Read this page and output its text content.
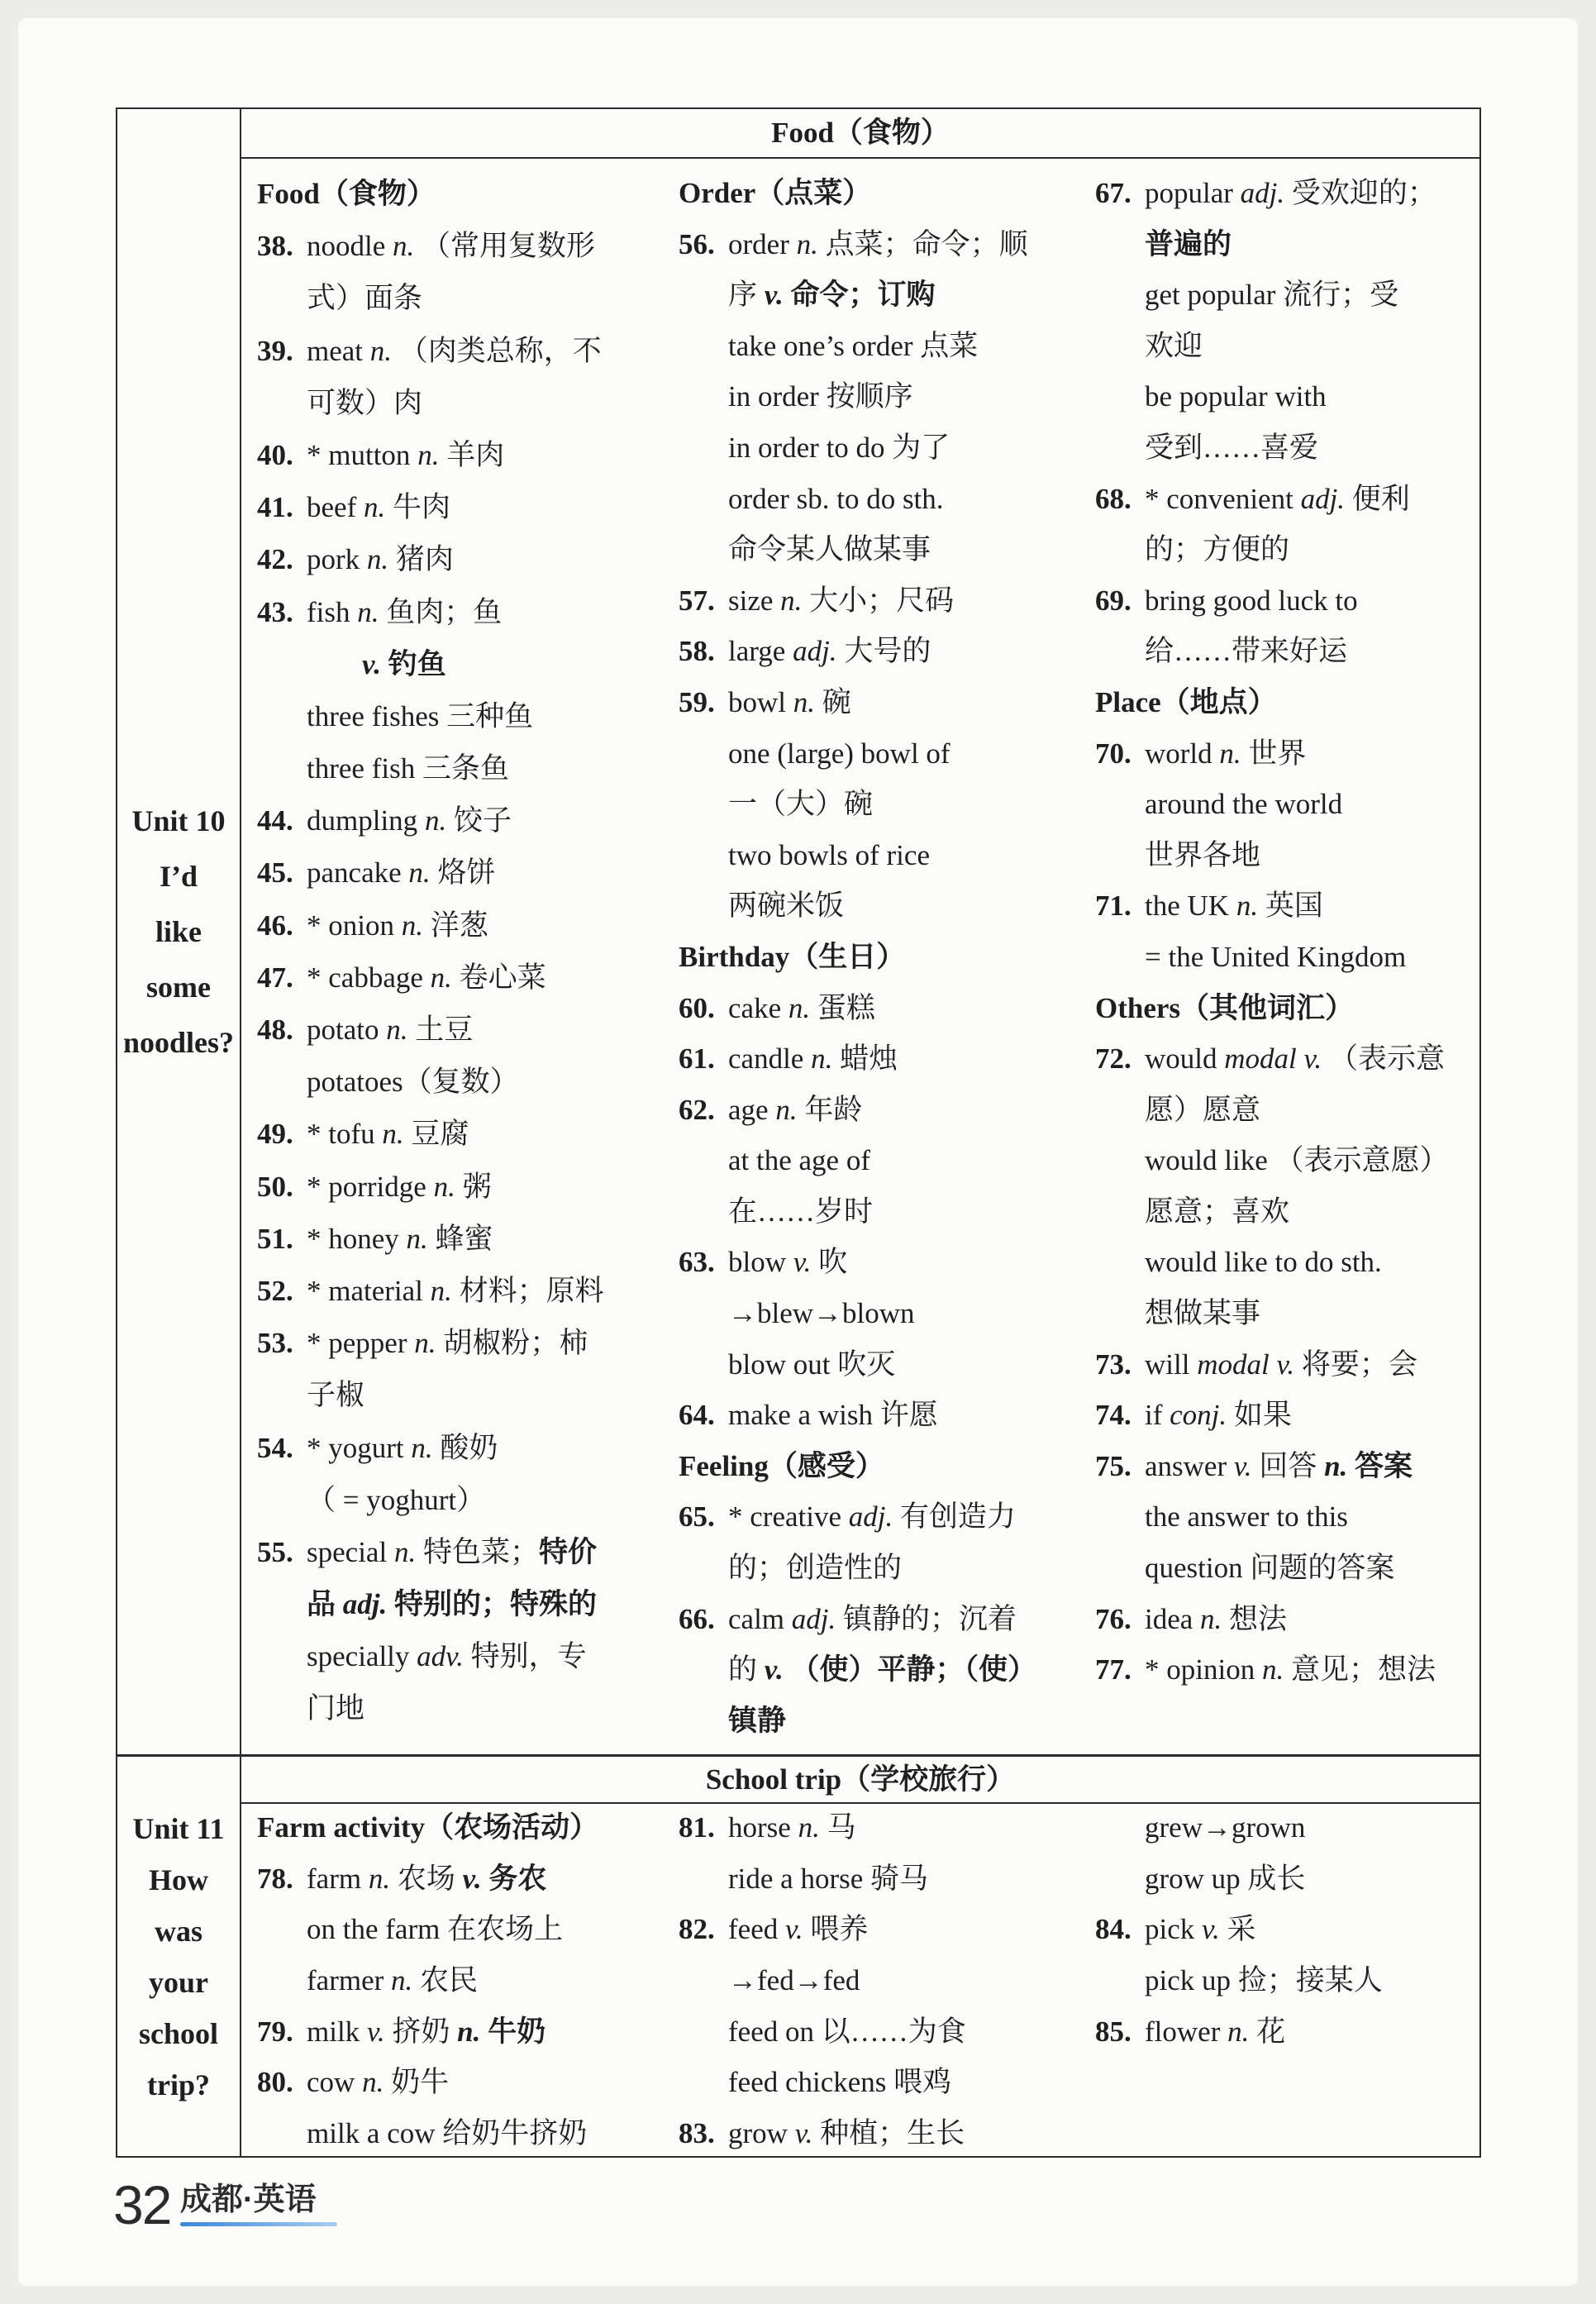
Unit 10
I’d
like
some
noodles?
Food（食物）
Food（食物）
38. noodle n. （常用复数形
式）面条
39. meat n. （肉类总称，不
可数）肉
40. * mutton n. 羊肉
41. beef n. 牛肉
42. pork n. 猪肉
43. fish n. 鱼肉；鱼
v. 钓鱼
three fishes 三种鱼
three fish 三条鱼
44. dumpling n. 饺子
45. pancake n. 烙饼
46. * onion n. 洋葱
47. * cabbage n. 卷心菜
48. potato n. 土豆
potatoes（复数）
49. * tofu n. 豆腐
50. * porridge n. 粥
51. * honey n. 蜂蜜
52. * material n. 材料；原料
53. * pepper n. 胡椒粉；柿
子椒
54. * yogurt n. 酸奶
（ = yoghurt）
55. special n. 特色菜；特价
品 adj. 特别的；特殊的
specially adv. 特别，专
门地
Order（点菜）
56. order n. 点菜；命令；顺
序 v. 命令；订购
take one’s order 点菜
in order 按顺序
in order to do 为了
order sb. to do sth.
命令某人做某事
57. size n. 大小；尺码
58. large adj. 大号的
59. bowl n. 碗
one (large) bowl of
一（大）碗
two bowls of rice
两碗米饭
Birthday（生日）
60. cake n. 蛋糕
61. candle n. 蜡烛
62. age n. 年龄
at the age of
在……岁时
63. blow v. 吹
→blew→blown
blow out 吹灭
64. make a wish 许愿
Feeling（感受）
65. * creative adj. 有创造力
的；创造性的
66. calm adj. 镇静的；沉着
的 v. （使）平静；（使）
镇静
67. popular adj. 受欢迎的；
普遍的
get popular 流行；受
欢迎
be popular with
受到……喜爱
68. * convenient adj. 便利
的；方便的
69. bring good luck to
给……带来好运
Place（地点）
70. world n. 世界
around the world
世界各地
71. the UK n. 英国
= the United Kingdom
Others（其他词汇）
72. would modal v. （表示意
愿）愿意
would like （表示意愿）
愿意；喜欢
would like to do sth.
想做某事
73. will modal v. 将要；会
74. if conj. 如果
75. answer v. 回答 n. 答案
the answer to this
question 问题的答案
76. idea n. 想法
77. * opinion n. 意见；想法
Unit 11
How
was
your
school
trip?
School trip（学校旅行）
Farm activity（农场活动）
78. farm n. 农场 v. 务农
on the farm 在农场上
farmer n. 农民
79. milk v. 挤奶 n. 牛奶
80. cow n. 奶牛
milk a cow 给奶牛挤奶
81. horse n. 马
ride a horse 骑马
82. feed v. 喂养
→fed→fed
feed on 以……为食
feed chickens 喂鸡
83. grow v. 种植；生长
grew→grown
grow up 成长
84. pick v. 采
pick up 捡；接某人
85. flower n. 花
32 成都·英语
